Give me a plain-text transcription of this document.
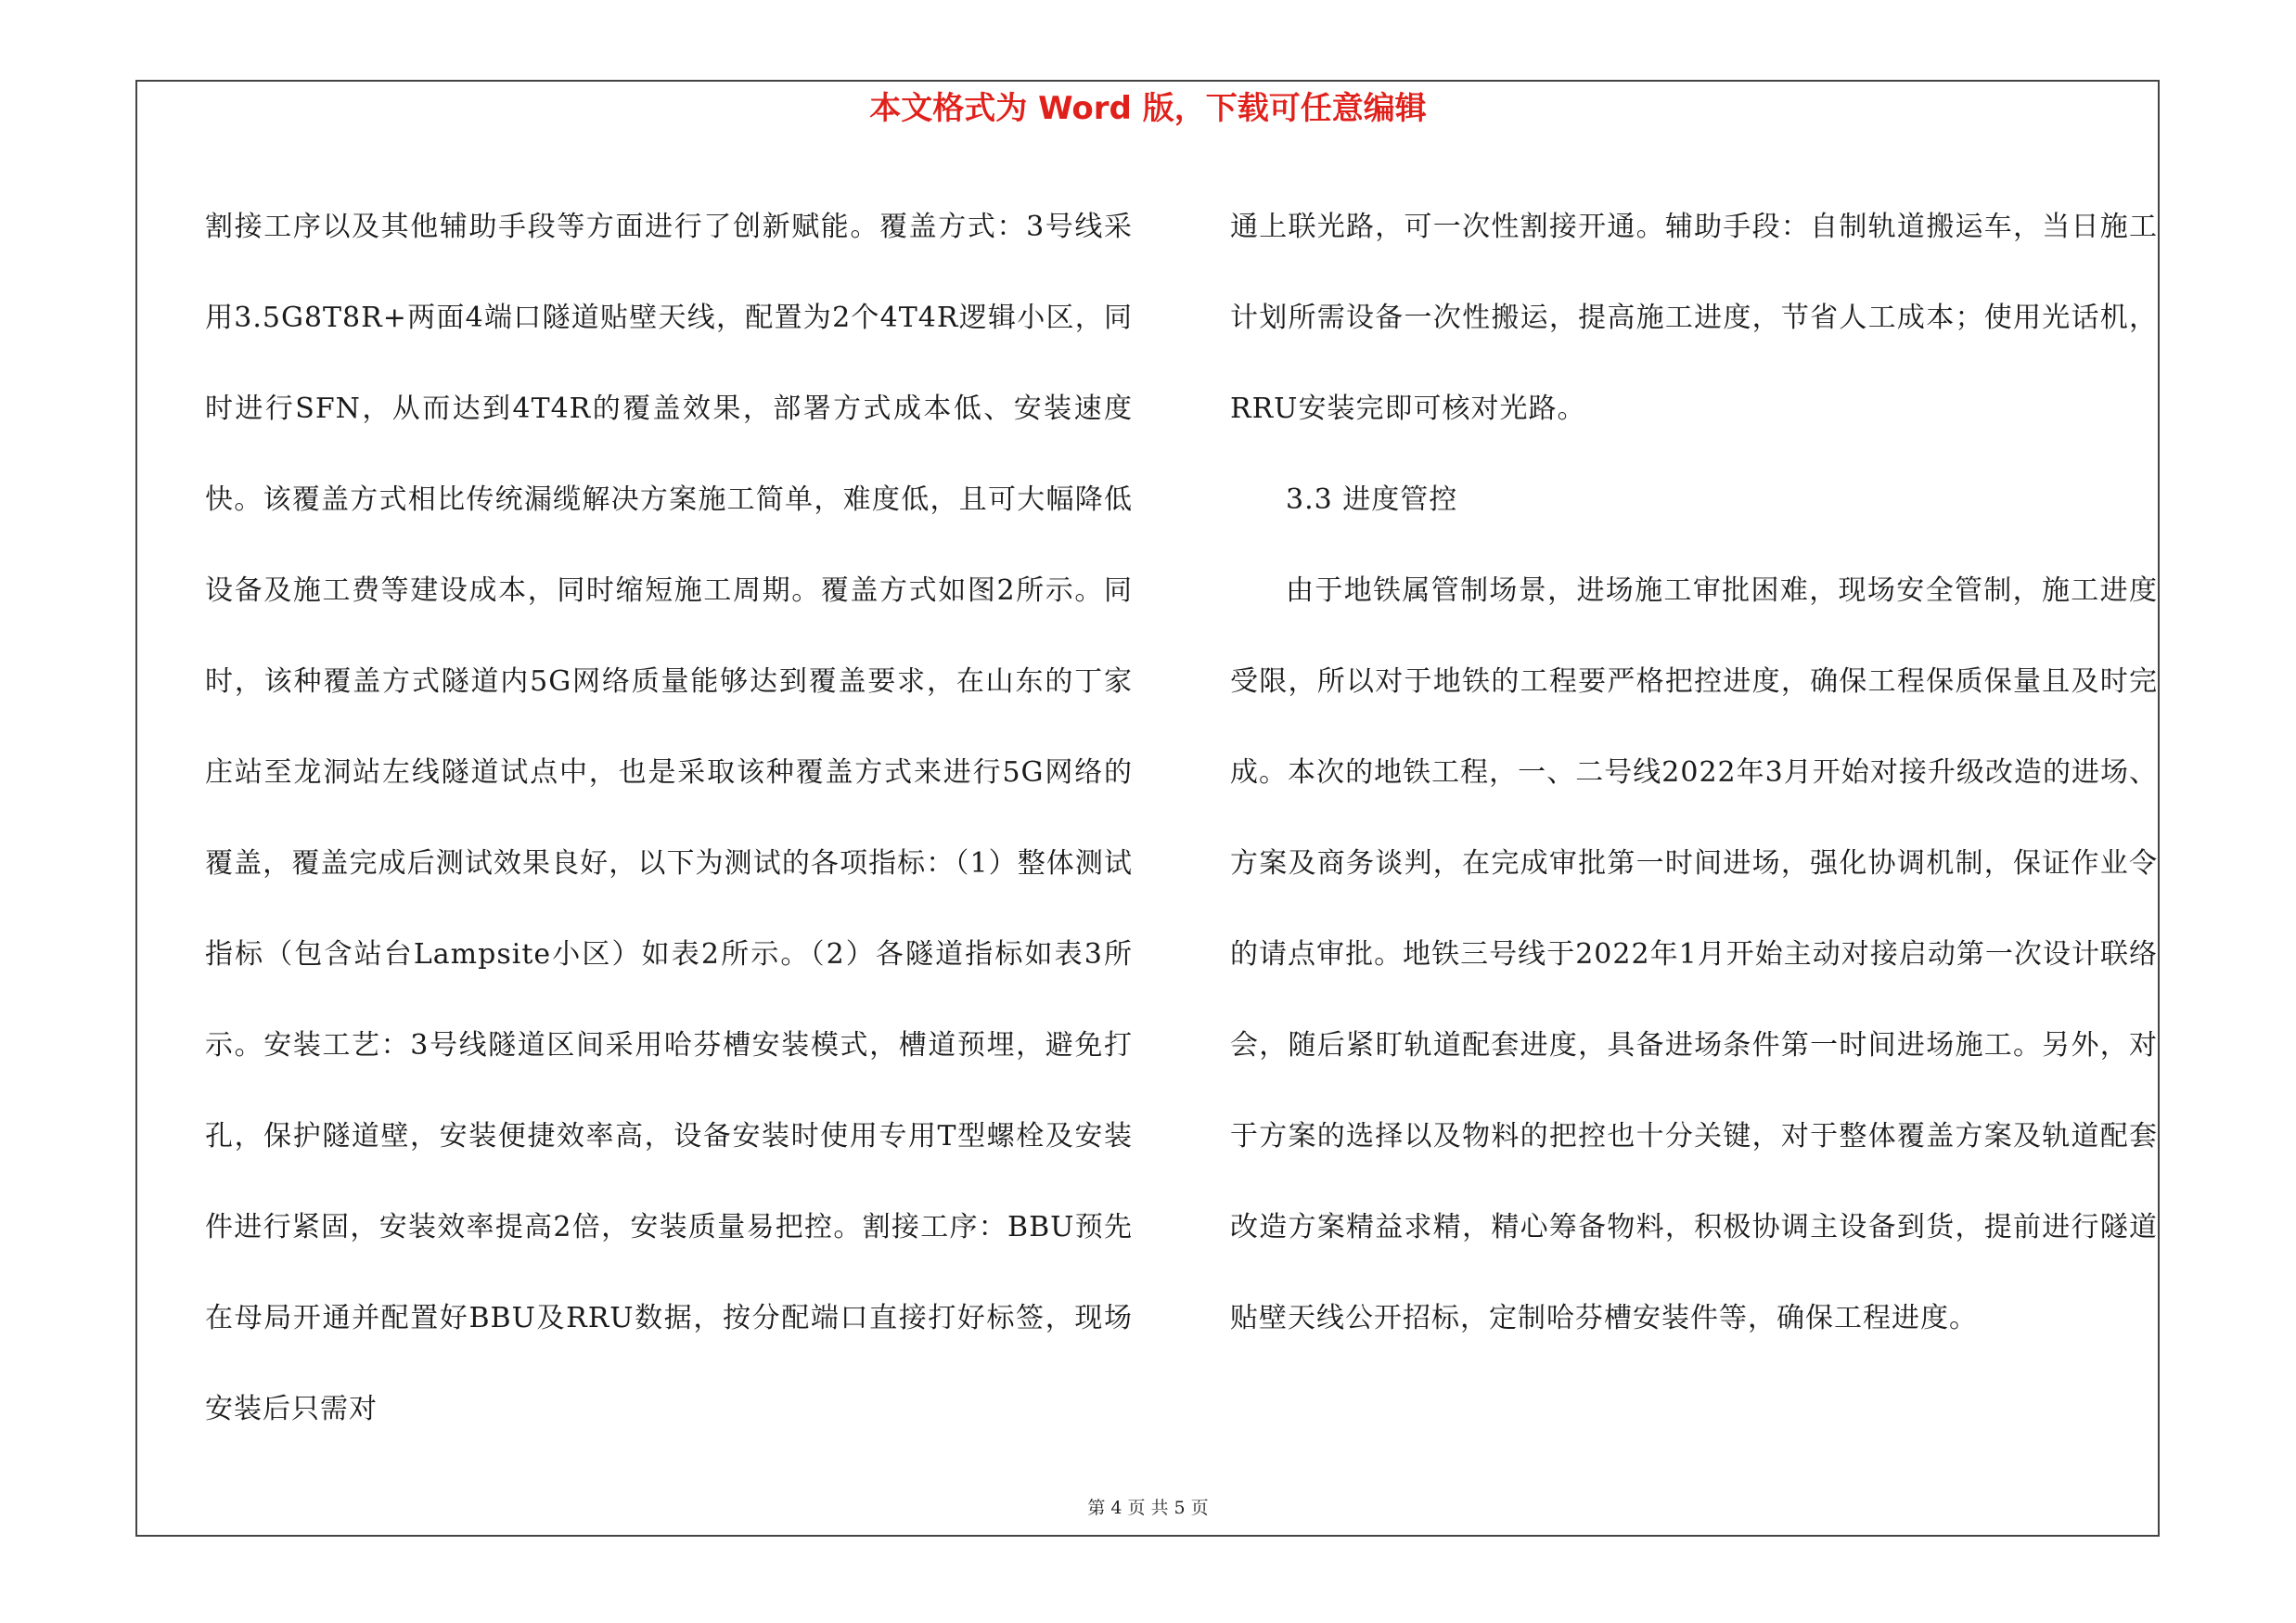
本文格式为 Word 版，下载可任意编辑

割接工序以及其他辅助手段等方面进行了创新赋能。覆盖方式：3号线采用3.5G8T8R+两面4端口隧道贴壁天线，配置为2个4T4R逻辑小区，同时进行SFN，从而达到4T4R的覆盖效果，部署方式成本低、安装速度快。该覆盖方式相比传统漏缆解决方案施工简单，难度低，且可大幅降低设备及施工费等建设成本，同时缩短施工周期。覆盖方式如图2所示。同时，该种覆盖方式隧道内5G网络质量能够达到覆盖要求，在山东的丁家庄站至龙洞站左线隧道试点中，也是采取该种覆盖方式来进行5G网络的覆盖，覆盖完成后测试效果良好，以下为测试的各项指标：（1）整体测试指标（包含站台Lampsite小区）如表2所示。（2）各隧道指标如表3所示。安装工艺：3号线隧道区间采用哈芬槽安装模式，槽道预埋，避免打孔，保护隧道壁，安装便捷效率高，设备安装时使用专用T型螺栓及安装件进行紧固，安装效率提高2倍，安装质量易把控。割接工序：BBU预先在母局开通并配置好BBU及RRU数据，按分配端口直接打好标签，现场安装后只需对

通上联光路，可一次性割接开通。辅助手段：自制轨道搬运车，当日施工计划所需设备一次性搬运，提高施工进度，节省人工成本；使用光话机，RRU安装完即可核对光路。

3.3 进度管控

由于地铁属管制场景，进场施工审批困难，现场安全管制，施工进度受限，所以对于地铁的工程要严格把控进度，确保工程保质保量且及时完成。本次的地铁工程，一、二号线2022年3月开始对接升级改造的进场、方案及商务谈判，在完成审批第一时间进场，强化协调机制，保证作业令的请点审批。地铁三号线于2022年1月开始主动对接启动第一次设计联络会，随后紧盯轨道配套进度，具备进场条件第一时间进场施工。另外，对于方案的选择以及物料的把控也十分关键，对于整体覆盖方案及轨道配套改造方案精益求精，精心筹备物料，积极协调主设备到货，提前进行隧道贴壁天线公开招标，定制哈芬槽安装件等，确保工程进度。

第 4 页 共 5 页
